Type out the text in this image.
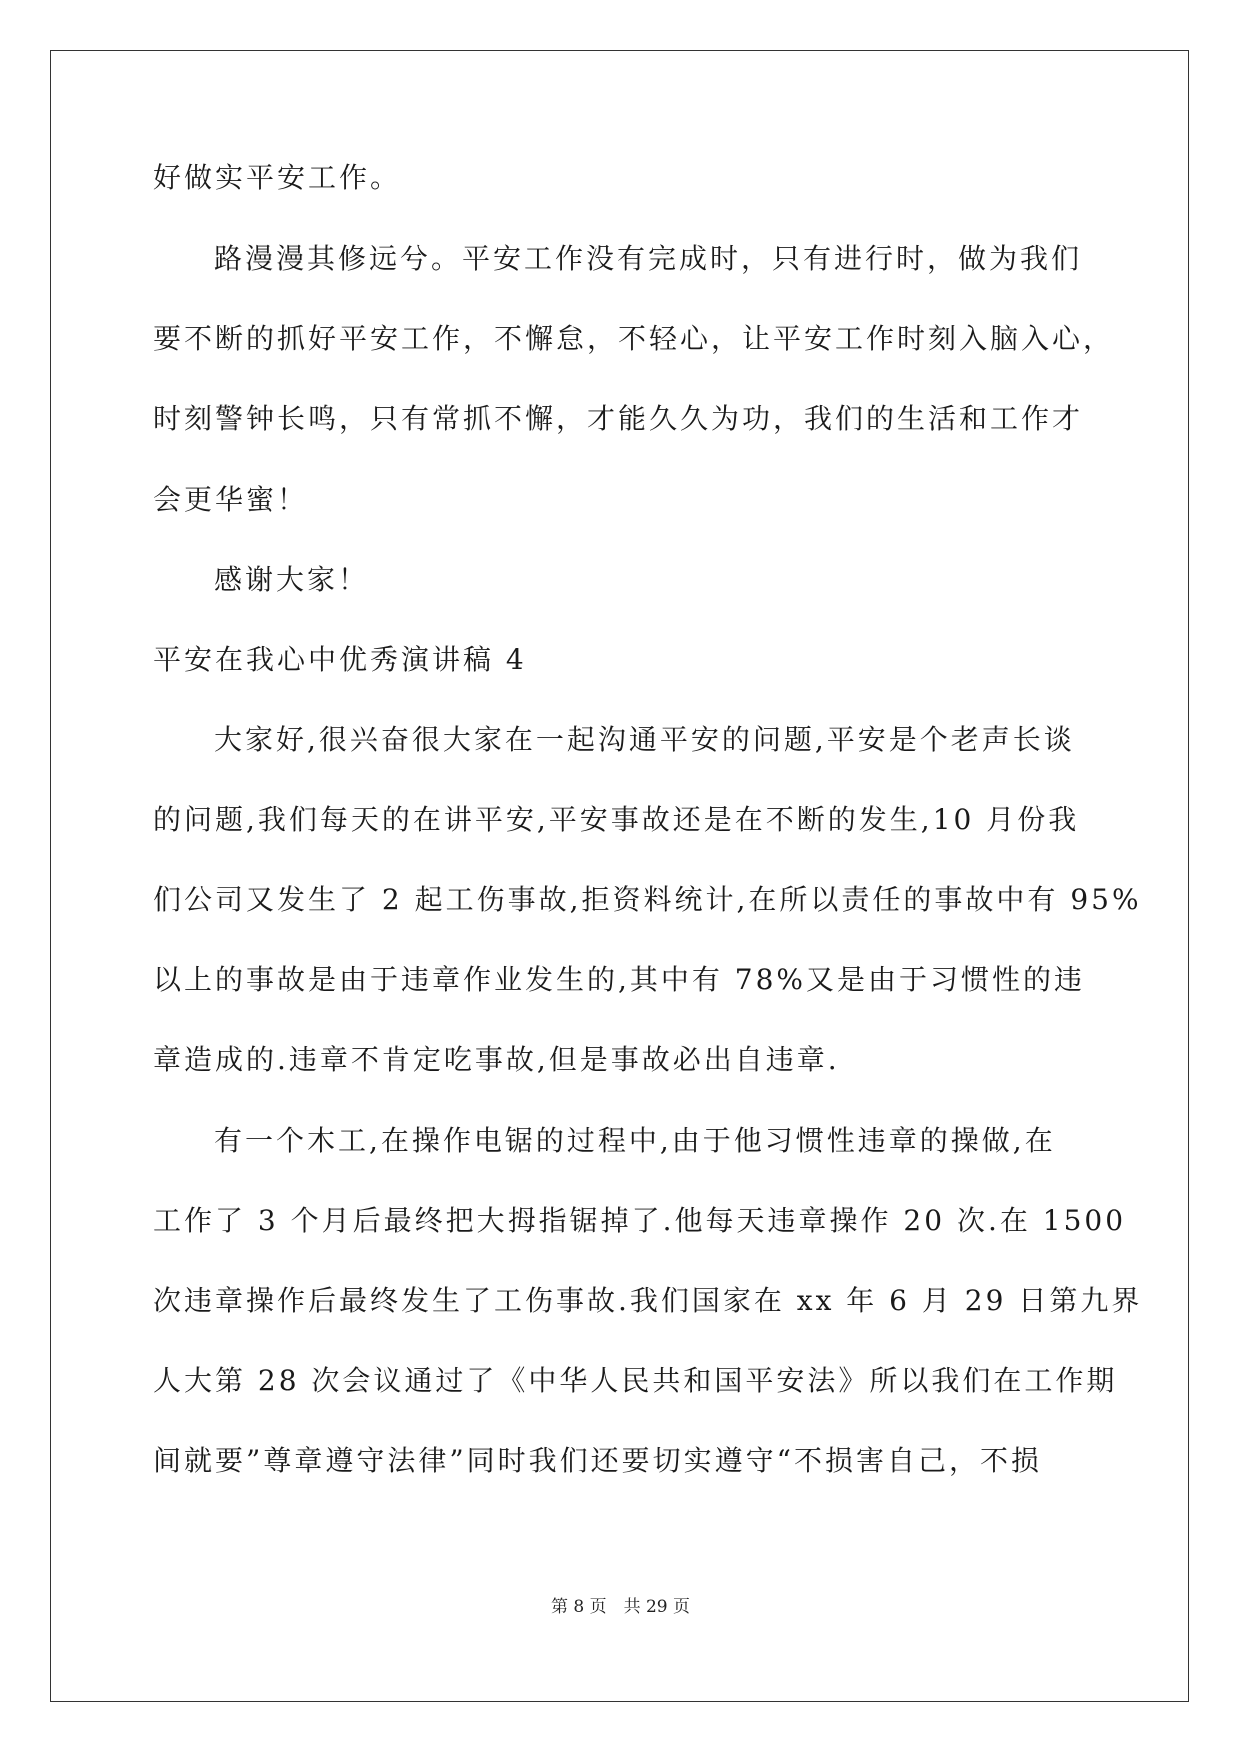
好做实平安工作。
路漫漫其修远兮。平安工作没有完成时，只有进行时，做为我们
要不断的抓好平安工作，不懈怠，不轻心，让平安工作时刻入脑入心，
时刻警钟长鸣，只有常抓不懈，才能久久为功，我们的生活和工作才
会更华蜜！
感谢大家！
平安在我心中优秀演讲稿 4
大家好,很兴奋很大家在一起沟通平安的问题,平安是个老声长谈
的问题,我们每天的在讲平安,平安事故还是在不断的发生,10 月份我
们公司又发生了 2 起工伤事故,拒资料统计,在所以责任的事故中有 95%
以上的事故是由于违章作业发生的,其中有 78%又是由于习惯性的违
章造成的.违章不肯定吃事故,但是事故必出自违章.
有一个木工,在操作电锯的过程中,由于他习惯性违章的操做,在
工作了 3 个月后最终把大拇指锯掉了.他每天违章操作 20 次.在 1500
次违章操作后最终发生了工伤事故.我们国家在 xx 年 6 月 29 日第九界
人大第 28 次会议通过了《中华人民共和国平安法》所以我们在工作期
间就要”尊章遵守法律”同时我们还要切实遵守“不损害自己，不损
第 8 页　共 29 页
